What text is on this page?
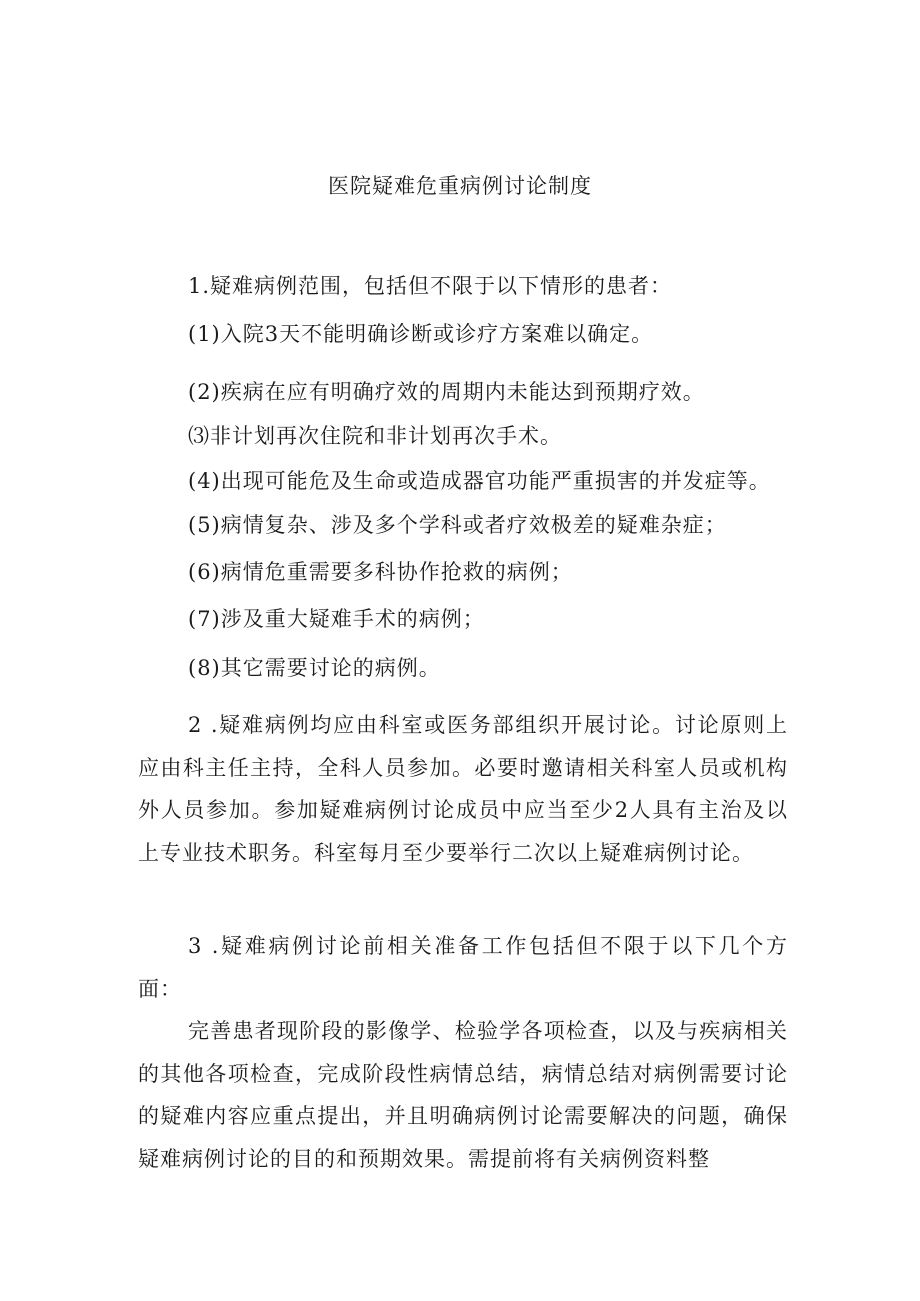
医院疑难危重病例讨论制度
1.疑难病例范围，包括但不限于以下情形的患者：
(1)入院3天不能明确诊断或诊疗方案难以确定。
(2)疾病在应有明确疗效的周期内未能达到预期疗效。
⑶非计划再次住院和非计划再次手术。
(4)出现可能危及生命或造成器官功能严重损害的并发症等。
(5)病情复杂、涉及多个学科或者疗效极差的疑难杂症；
(6)病情危重需要多科协作抢救的病例；
(7)涉及重大疑难手术的病例；
(8)其它需要讨论的病例。

2 .疑难病例均应由科室或医务部组织开展讨论。讨论原则上应由科主任主持，全科人员参加。必要时邀请相关科室人员或机构外人员参加。参加疑难病例讨论成员中应当至少2人具有主治及以上专业技术职务。科室每月至少要举行二次以上疑难病例讨论。

3 .疑难病例讨论前相关准备工作包括但不限于以下几个方面：

完善患者现阶段的影像学、检验学各项检查，以及与疾病相关的其他各项检查，完成阶段性病情总结，病情总结对病例需要讨论的疑难内容应重点提出，并且明确病例讨论需要解决的问题，确保疑难病例讨论的目的和预期效果。需提前将有关病例资料整
